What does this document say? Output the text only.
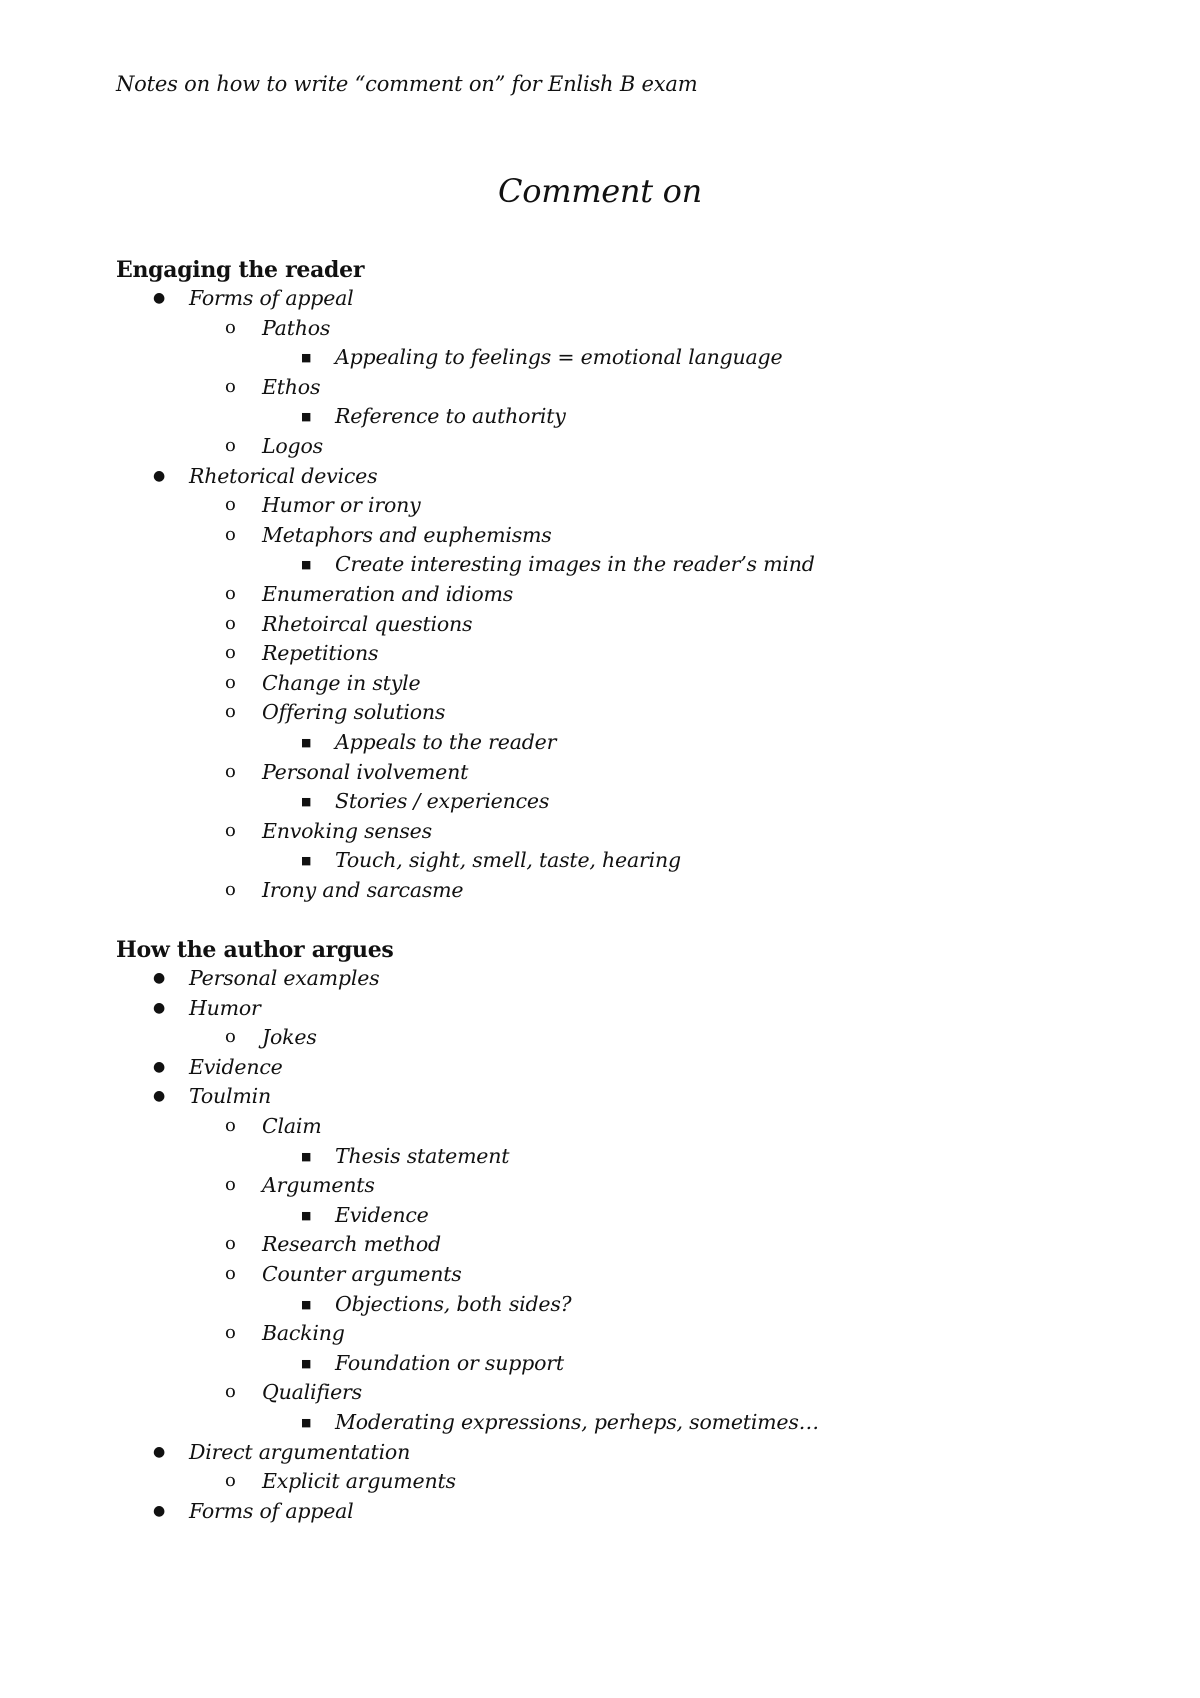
Notes on how to write “comment on” for Enlish B exam
Comment on
Engaging the reader
● Forms of appeal
o Pathos
■ Appealing to feelings = emotional language
o Ethos
■ Reference to authority
o Logos
● Rhetorical devices
o Humor or irony
o Metaphors and euphemisms
■ Create interesting images in the reader’s mind
o Enumeration and idioms
o Rhetoircal questions
o Repetitions
o Change in style
o Offering solutions
■ Appeals to the reader
o Personal ivolvement
■ Stories / experiences
o Envoking senses
■ Touch, sight, smell, taste, hearing
o Irony and sarcasme
How the author argues
● Personal examples
● Humor
o Jokes
● Evidence
● Toulmin
o Claim
■ Thesis statement
o Arguments
■ Evidence
o Research method
o Counter arguments
■ Objections, both sides?
o Backing
■ Foundation or support
o Qualifiers
■ Moderating expressions, perheps, sometimes…
● Direct argumentation
o Explicit arguments
● Forms of appeal
